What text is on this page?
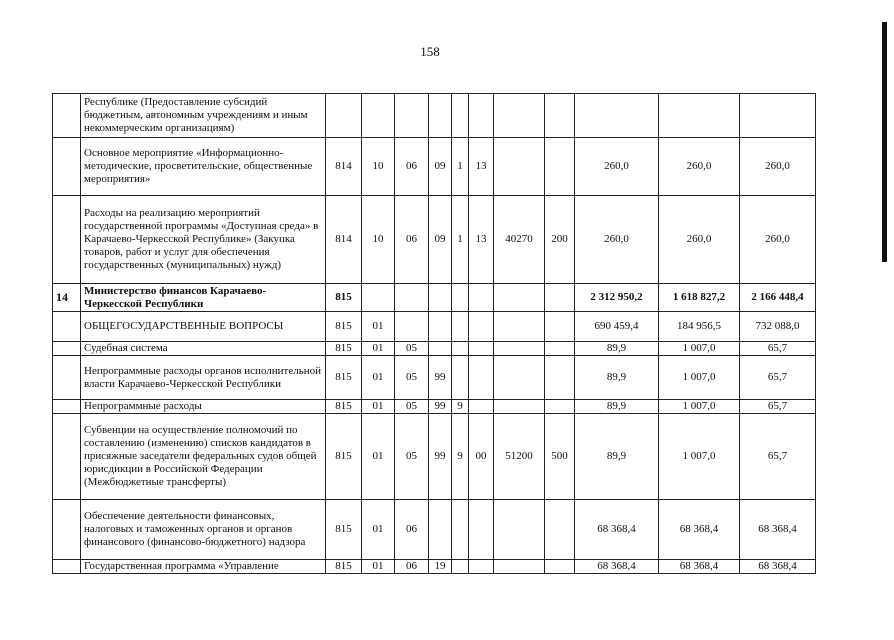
158
	Республике (Предоставление субсидий бюджетным, автономным учреждениям и иным некоммерческим организациям)											
	Основное мероприятие «Информационно-методические, просветительские, общественные мероприятия»	814	10	06	09	1	13			260,0	260,0	260,0
	Расходы на реализацию мероприятий государственной программы «Доступная среда» в Карачаево-Черкесской Республике» (Закупка товаров, работ и услуг для обеспечения государственных (муниципальных) нужд)	814	10	06	09	1	13	40270	200	260,0	260,0	260,0
14	Министерство финансов Карачаево-Черкесской Республики	815								2 312 950,2	1 618 827,2	2 166 448,4
	ОБЩЕГОСУДАРСТВЕННЫЕ ВОПРОСЫ	815	01							690 459,4	184 956,5	732 088,0
	Судебная система	815	01	05						89,9	1 007,0	65,7
	Непрограммные расходы органов исполнительной власти Карачаево-Черкесской Республики	815	01	05	99					89,9	1 007,0	65,7
	Непрограммные расходы	815	01	05	99	9				89,9	1 007,0	65,7
	Субвенции на осуществление полномочий по составлению (изменению) списков кандидатов в присяжные заседатели федеральных судов общей юрисдикции в Российской Федерации (Межбюджетные трансферты)	815	01	05	99	9	00	51200	500	89,9	1 007,0	65,7
	Обеспечение деятельности финансовых, налоговых и таможенных органов и органов финансового (финансово-бюджетного) надзора	815	01	06						68 368,4	68 368,4	68 368,4
	Государственная программа «Управление	815	01	06	19					68 368,4	68 368,4	68 368,4
